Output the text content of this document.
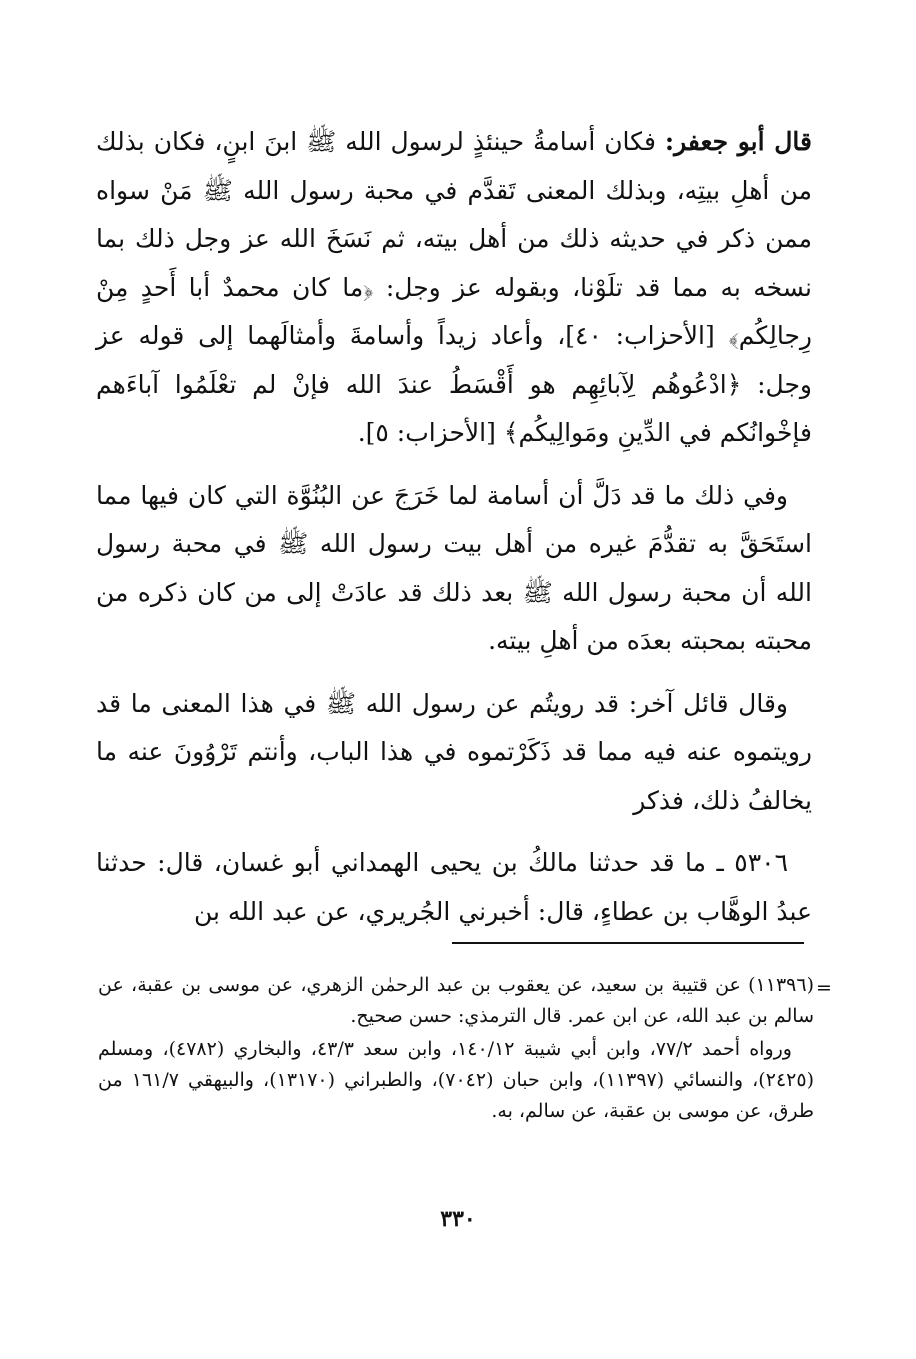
قال أبو جعفر: فكان أسامةُ حينئذٍ لرسول الله ﷺ ابنَ ابنٍ، فكان بذلك من أهلِ بيتِه، وبذلك المعنى تَقدَّم في محبة رسول الله ﷺ مَنْ سواه ممن ذكر في حديثه ذلك من أهل بيته، ثم نَسَخَ الله عز وجل ذلك بما نسخه به مما قد تلَوْنا، وبقوله عز وجل: ﴿ما كان محمدٌ أبا أَحدٍ مِنْ رِجالِكُم﴾ [الأحزاب: ٤٠]، وأعاد زيداً وأسامةَ وأمثالَهما إلى قوله عز وجل: ﴿ادْعُوهُم لِآبائِهِم هو أَقْسَطُ عندَ الله فإنْ لم تعْلَمُوا آباءَهم فإخْوانُكم في الدِّينِ ومَوالِيكُم﴾ [الأحزاب: ٥].

وفي ذلك ما قد دَلَّ أن أسامة لما خَرَجَ عن البُنُوَّة التي كان فيها مما استَحَقَّ به تقدُّمَ غيره من أهل بيت رسول الله ﷺ في محبة رسول الله أن محبة رسول الله ﷺ بعد ذلك قد عادَتْ إلى من كان ذكره من محبته بمحبته بعدَه من أهلِ بيته.

وقال قائل آخر: قد رويتُم عن رسول الله ﷺ في هذا المعنى ما قد رويتموه عنه فيه مما قد ذَكَرْتموه في هذا الباب، وأنتم تَرْوُونَ عنه ما يخالفُ ذلك، فذكر

٥٣٠٦ ـ ما قد حدثنا مالكُ بن يحيى الهمداني أبو غسان، قال: حدثنا عبدُ الوهَّاب بن عطاءٍ، قال: أخبرني الجُريري، عن عبد الله بن

=

(١١٣٩٦) عن قتيبة بن سعيد، عن يعقوب بن عبد الرحمٰن الزهري، عن موسى بن عقبة، عن سالم بن عبد الله، عن ابن عمر. قال الترمذي: حسن صحيح.

ورواه أحمد ٧٧/٢، وابن أبي شيبة ١٤٠/١٢، وابن سعد ٤٣/٣، والبخاري (٤٧٨٢)، ومسلم (٢٤٢٥)، والنسائي (١١٣٩٧)، وابن حبان (٧٠٤٢)، والطبراني (١٣١٧٠)، والبيهقي ١٦١/٧ من طرق، عن موسى بن عقبة، عن سالم، به.

٣٣٠
